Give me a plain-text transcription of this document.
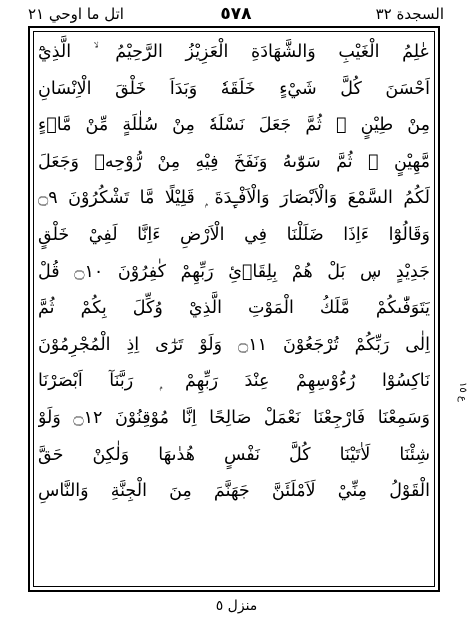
السجدة ٣٢
٥٧٨
اتل ما اوحي ٢١
عٰلِمُ الْغَيْبِ وَالشَّهَادَةِ الْعَزِيْزُ الرَّحِيْمُ ۙ الَّذِيْٓ
اَحْسَنَ كُلَّ شَيْءٍ خَلَقَهٗ وَبَدَاَ خَلْقَ الْاِنْسَانِ
مِنْ طِيْنٍ ۚ ثُمَّ جَعَلَ نَسْلَهٗ مِنْ سُلٰلَةٍ مِّنْ مَّاۤءٍ
مَّهِيْنٍ ۚ ثُمَّ سَوّٰىهُ وَنَفَخَ فِيْهِ مِنْ رُّوْحِهٖ وَجَعَلَ
لَكُمُ السَّمْعَ وَالْاَبْصَارَ وَالْاَفْـِٕدَةَ ۭ قَلِيْلًا مَّا تَشْكُرُوْنَ ۝٩
وَقَالُوْٓا ءَاِذَا ضَلَلْنَا فِي الْاَرْضِ ءَاِنَّا لَفِيْ خَلْقٍ
جَدِيْدٍ ڛ بَلْ هُمْ بِلِقَاۤئِ رَبِّهِمْ كٰفِرُوْنَ ۝١٠ قُلْ
يَتَوَفّٰىكُمْ مَّلَكُ الْمَوْتِ الَّذِيْ وُكِّلَ بِكُمْ ثُمَّ
اِلٰى رَبِّكُمْ تُرْجَعُوْنَ ۝١١ وَلَوْ تَرٰٓى اِذِ الْمُجْرِمُوْنَ
نَاكِسُوْا رُءُوْسِهِمْ عِنْدَ رَبِّهِمْ ۭ رَبَّنَآ اَبْصَرْنَا
وَسَمِعْنَا فَارْجِعْنَا نَعْمَلْ صَالِحًا اِنَّا مُوْقِنُوْنَ ۝١٢ وَلَوْ
شِئْنَا لَاٰتَيْنَا كُلَّ نَفْسٍ هُدٰىهَا وَلٰكِنْ حَقَّ
الْقَوْلُ مِنِّيْ لَاَمْلَئَنَّ جَهَنَّمَ مِنَ الْجِنَّةِ وَالنَّاسِ
ع ١٥
منزل ٥
